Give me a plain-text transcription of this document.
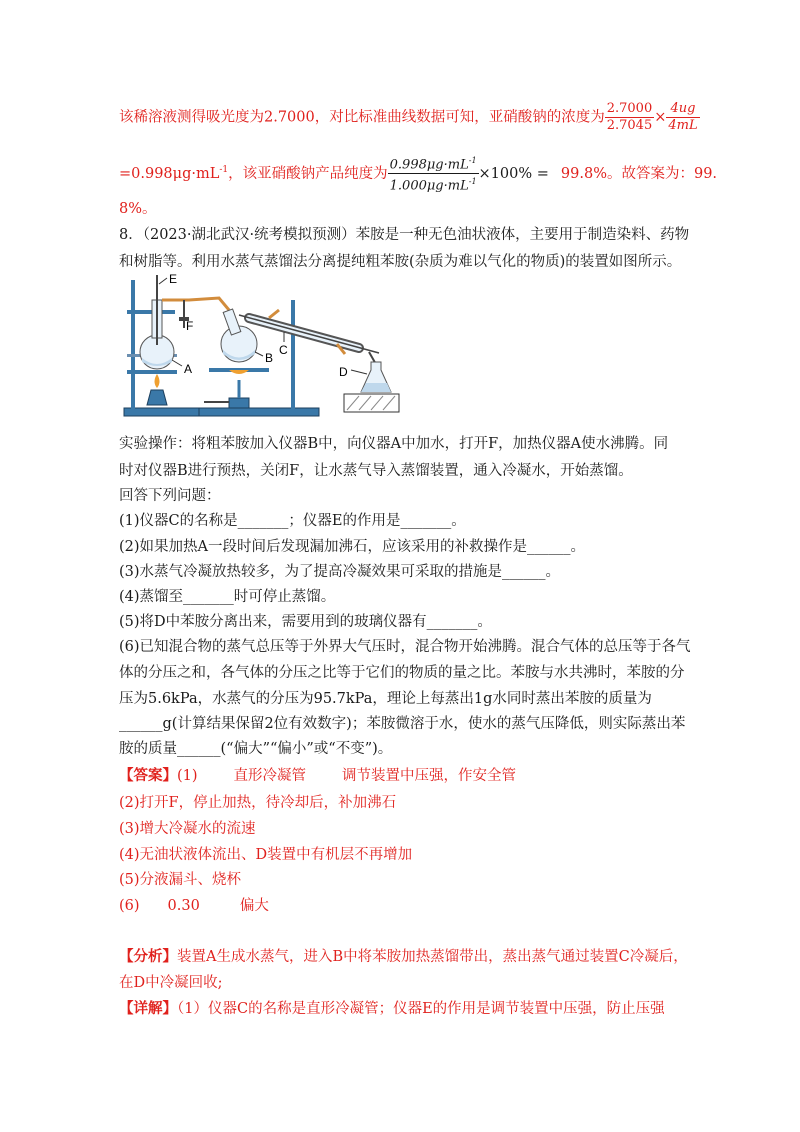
该稀溶液测得吸光度为2.7000，对比标准曲线数据可知，亚硝酸钠的浓度为 $\frac{2.7000}{2.7045} \times \frac{4ug}{4mL}$
$=0.998\mu g\cdot mL^{-1}$，该亚硝酸钠产品纯度为 $\frac{0.998\mu g\cdot mL^{-1}}{1.000\mu g\cdot mL^{-1}} \times 100\% = 99.8\%$。故答案为：99.
8%。
8．（2023·湖北武汉·统考模拟预测）苯胺是一种无色油状液体，主要用于制造染料、药物
和树脂等。利用水蒸气蒸馏法分离提纯粗苯胺(杂质为难以气化的物质)的装置如图所示。
E
F
A
B
C
D
实验操作：将粗苯胺加入仪器B中，向仪器A中加水，打开F，加热仪器A使水沸腾。同
时对仪器B进行预热，关闭F，让水蒸气导入蒸馏装置，通入冷凝水，开始蒸馏。
回答下列问题：
(1)仪器C的名称是_______；仪器E的作用是_______。
(2)如果加热A一段时间后发现漏加沸石，应该采用的补救操作是______。
(3)水蒸气冷凝放热较多，为了提高冷凝效果可采取的措施是______。
(4)蒸馏至_______时可停止蒸馏。
(5)将D中苯胺分离出来，需要用到的玻璃仪器有_______。
(6)已知混合物的蒸气总压等于外界大气压时，混合物开始沸腾。混合气体的总压等于各气
体的分压之和，各气体的分压之比等于它们的物质的量之比。苯胺与水共沸时，苯胺的分
压为5.6kPa，水蒸气的分压为95.7kPa，理论上每蒸出1g水同时蒸出苯胺的质量为
______g(计算结果保留2位有效数字)；苯胺微溶于水，使水的蒸气压降低，则实际蒸出苯
胺的质量______(“偏大”“偏小”或“不变”)。
【答案】(1) 直形冷凝管 调节装置中压强，作安全管
(2)打开F，停止加热，待冷却后，补加沸石
(3)增大冷凝水的流速
(4)无油状液体流出、D装置中有机层不再增加
(5)分液漏斗、烧杯
(6) 0.30	偏大
【分析】装置A生成水蒸气，进入B中将苯胺加热蒸馏带出，蒸出蒸气通过装置C冷凝后，
在D中冷凝回收;
【详解】（1）仪器C的名称是直形冷凝管；仪器E的作用是调节装置中压强，防止压强
